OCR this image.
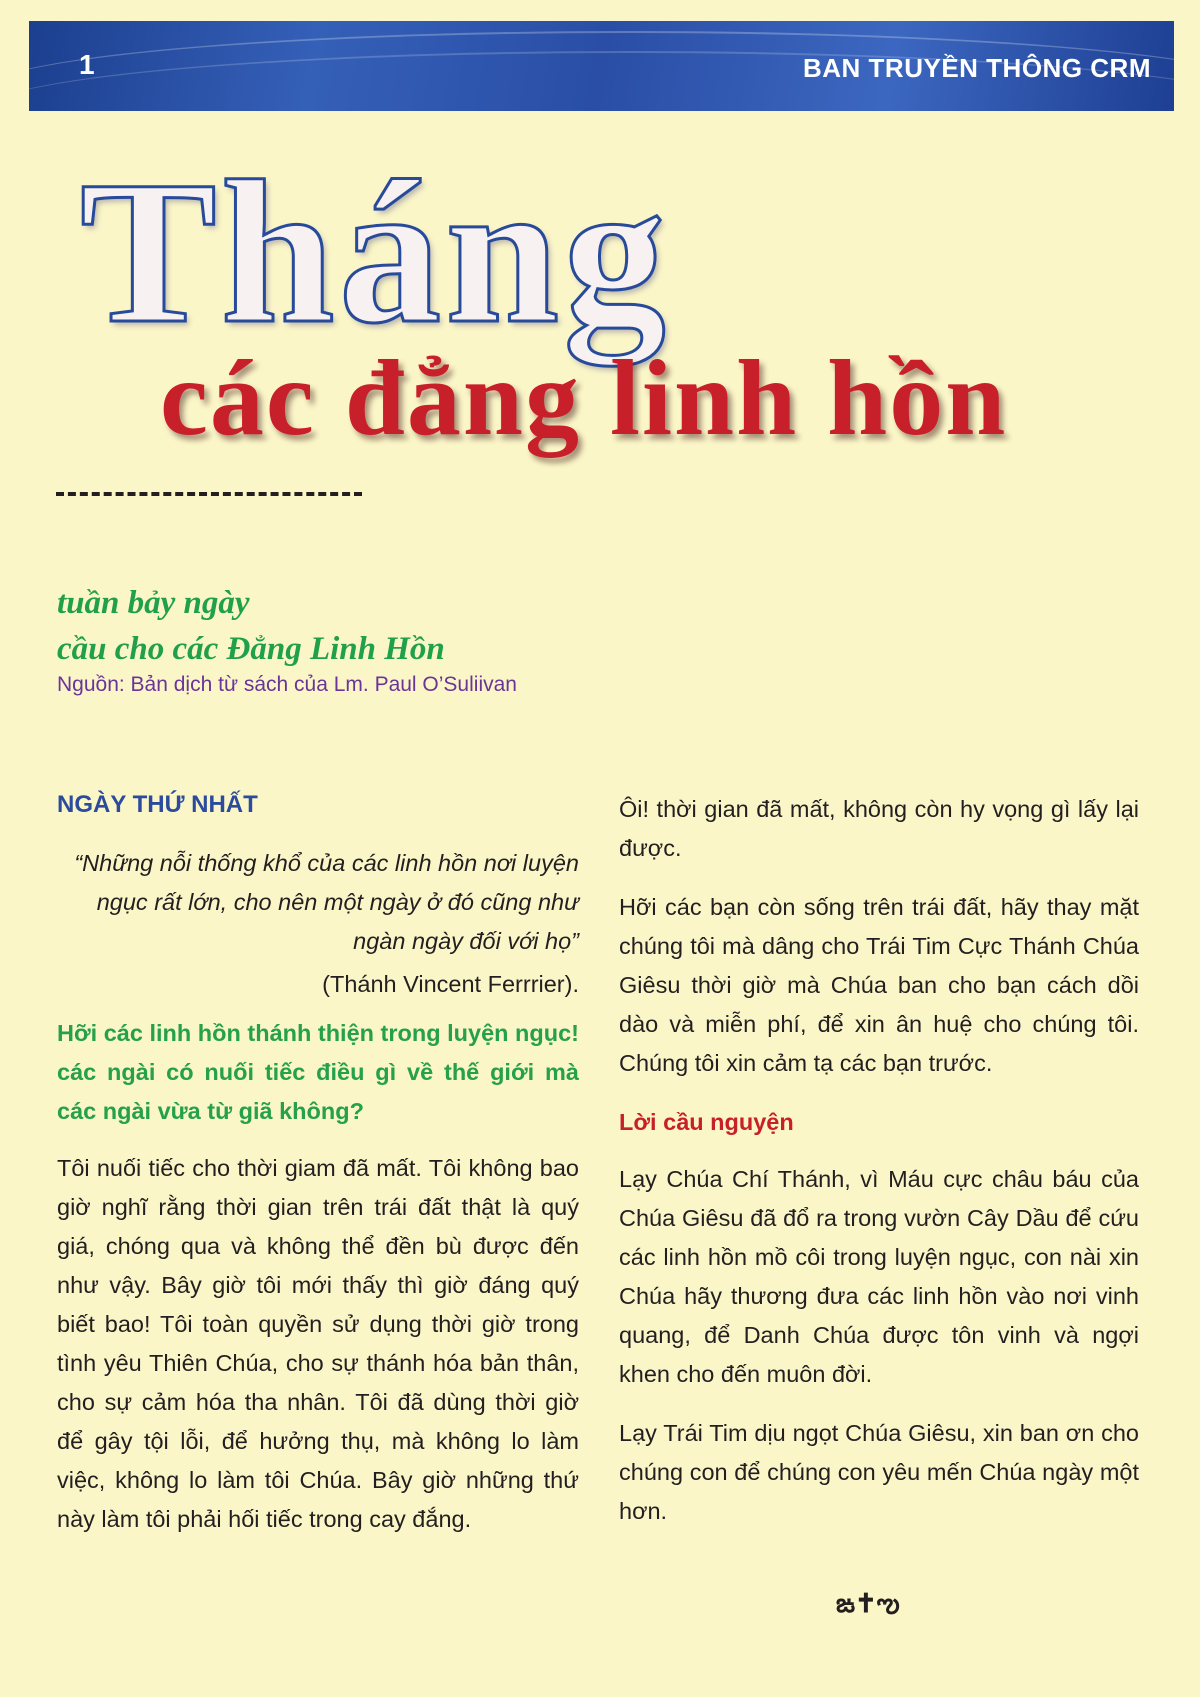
1	BAN TRUYỀN THÔNG CRM
Tháng
các đẳng linh hồn
tuần bảy ngày
cầu cho các Đẳng Linh Hồn
Nguồn: Bản dịch từ sách của Lm. Paul O’Suliivan
NGÀY THỨ NHẤT

“Những nỗi thống khổ của các linh hồn nơi luyện ngục rất lớn, cho nên một ngày ở đó cũng như ngàn ngày đối với họ”

(Thánh Vincent Ferrrier).

Hỡi các linh hồn thánh thiện trong luyện ngục! các ngài có nuối tiếc điều gì về thế giới mà các ngài vừa từ giã không?

Tôi nuối tiếc cho thời giam đã mất. Tôi không bao giờ nghĩ rằng thời gian trên trái đất thật là quý giá, chóng qua và không thể đền bù được đến như vậy. Bây giờ tôi mới thấy thì giờ đáng quý biết bao! Tôi toàn quyền sử dụng thời giờ trong tình yêu Thiên Chúa, cho sự thánh hóa bản thân, cho sự cảm hóa tha nhân. Tôi đã dùng thời giờ để gây tội lỗi, để hưởng thụ, mà không lo làm việc, không lo làm tôi Chúa. Bây giờ những thứ này làm tôi phải hối tiếc trong cay đắng.

Ôi! thời gian đã mất, không còn hy vọng gì lấy lại được.

Hỡi các bạn còn sống trên trái đất, hãy thay mặt chúng tôi mà dâng cho Trái Tim Cực Thánh Chúa Giêsu thời giờ mà Chúa ban cho bạn cách dồi dào và miễn phí, để xin ân huệ cho chúng tôi. Chúng tôi xin cảm tạ các bạn trước.

Lời cầu nguyện

Lạy Chúa Chí Thánh, vì Máu cực châu báu của Chúa Giêsu đã đổ ra trong vườn Cây Dầu để cứu các linh hồn mồ côi trong luyện ngục, con nài xin Chúa hãy thương đưa các linh hồn vào nơi vinh quang, để Danh Chúa được tôn vinh và ngợi khen cho đến muôn đời.

Lạy Trái Tim dịu ngọt Chúa Giêsu, xin ban ơn cho chúng con để chúng con yêu mến Chúa ngày một hơn.

ఙ✝ఌ
